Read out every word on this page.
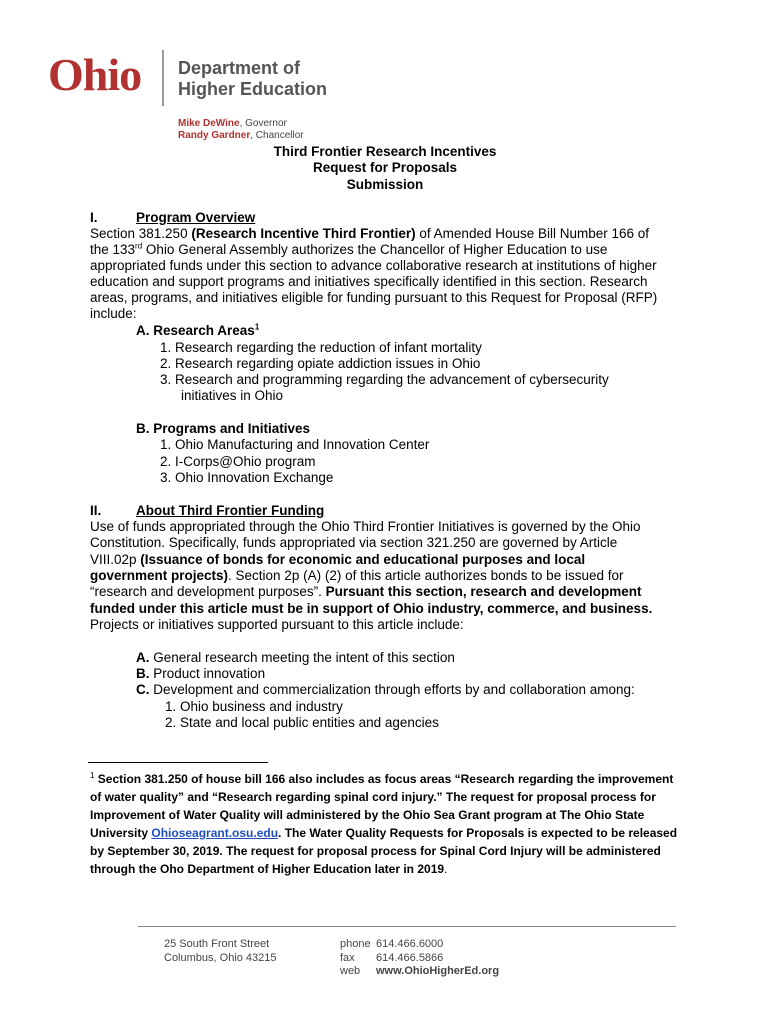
Ohio Department of
Higher Education
Mike DeWine, Governor
Randy Gardner, Chancellor
Third Frontier Research Incentives
Request for Proposals
Submission
I.	Program Overview
Section 381.250 (Research Incentive Third Frontier) of Amended House Bill Number 166 of
the 133rd Ohio General Assembly authorizes the Chancellor of Higher Education to use
appropriated funds under this section to advance collaborative research at institutions of higher
education and support programs and initiatives specifically identified in this section. Research
areas, programs, and initiatives eligible for funding pursuant to this Request for Proposal (RFP)
include:
A. Research Areas$^1$
1. Research regarding the reduction of infant mortality
2. Research regarding opiate addiction issues in Ohio
3. Research and programming regarding the advancement of cybersecurity
initiatives in Ohio
B. Programs and Initiatives
1. Ohio Manufacturing and Innovation Center
2. I-Corps@Ohio program
3. Ohio Innovation Exchange
II.	About Third Frontier Funding
Use of funds appropriated through the Ohio Third Frontier Initiatives is governed by the Ohio
Constitution. Specifically, funds appropriated via section 321.250 are governed by Article
VIII.02p (Issuance of bonds for economic and educational purposes and local
government projects). Section 2p (A) (2) of this article authorizes bonds to be issued for
“research and development purposes”. Pursuant this section, research and development
funded under this article must be in support of Ohio industry, commerce, and business.
Projects or initiatives supported pursuant to this article include:
A. General research meeting the intent of this section
B. Product innovation
C. Development and commercialization through efforts by and collaboration among:
1. Ohio business and industry
2. State and local public entities and agencies
$^1$ Section 381.250 of house bill 166 also includes as focus areas “Research regarding the improvement
of water quality” and “Research regarding spinal cord injury.” The request for proposal process for
Improvement of Water Quality will administered by the Ohio Sea Grant program at The Ohio State
University Ohioseagrant.osu.edu. The Water Quality Requests for Proposals is expected to be released
by September 30, 2019. The request for proposal process for Spinal Cord Injury will be administered
through the Oho Department of Higher Education later in 2019.
25 South Front Street
Columbus, Ohio 43215
phone
fax
web
614.466.6000
614.466.5866
www.OhioHigherEd.org
